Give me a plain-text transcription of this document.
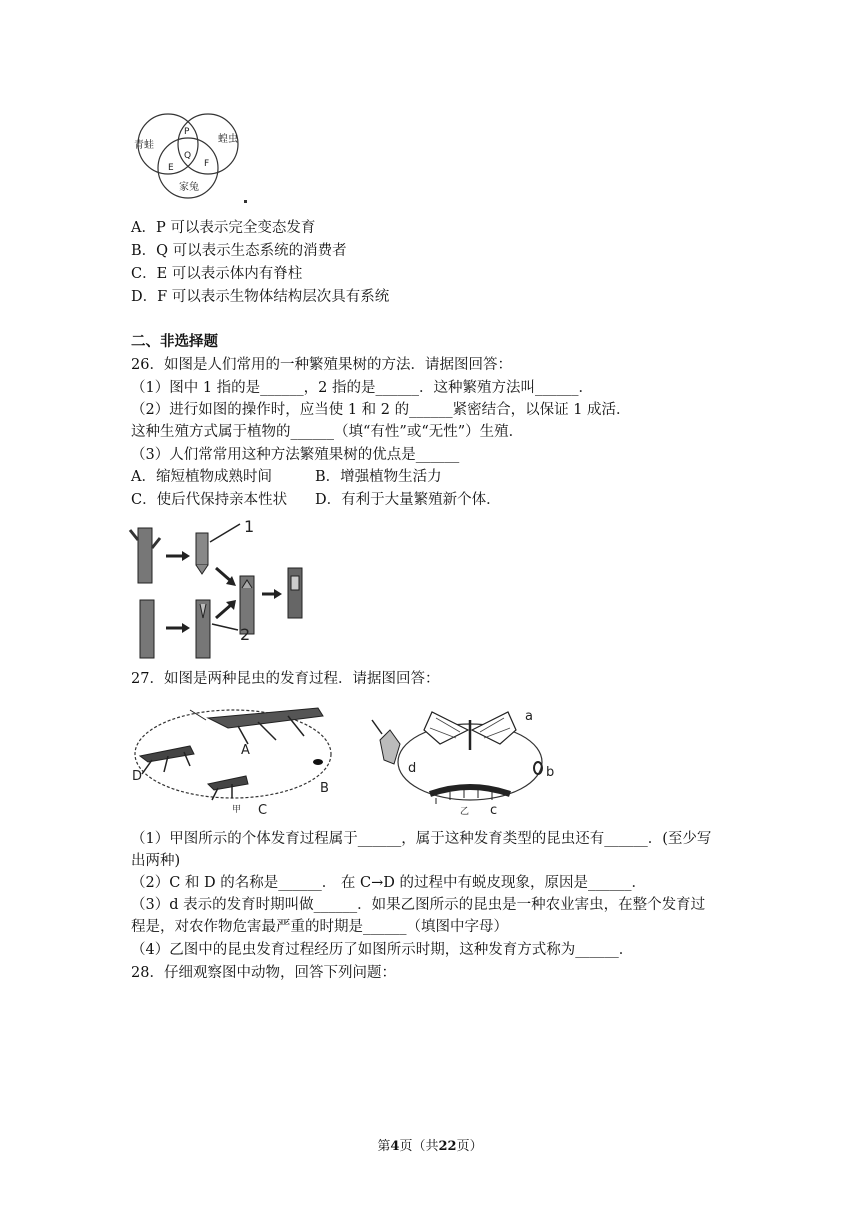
青蛙
蝗虫
家兔
P
Q
E	F
A．P 可以表示完全变态发育
B．Q 可以表示生态系统的消费者
C．E 可以表示体内有脊柱
D．F 可以表示生物体结构层次具有系统
二、非选择题
26．如图是人们常用的一种繁殖果树的方法．请据图回答：
（1）图中 1 指的是______，2 指的是______．这种繁殖方法叫______．
（2）进行如图的操作时，应当使 1 和 2 的______紧密结合，以保证 1 成活．
这种生殖方式属于植物的______（填“有性”或“无性”）生殖．
（3）人们常常用这种方法繁殖果树的优点是______
A．缩短植物成熟时间	B．增强植物生活力
C．使后代保持亲本性状 D．有利于大量繁殖新个体．
1
2
27．如图是两种昆虫的发育过程．请据图回答：
A
D
C
甲
B
a
d	b
乙 c
（1）甲图所示的个体发育过程属于______，属于这种发育类型的昆虫还有______．(至少写
出两种)
（2）C 和 D 的名称是______． 在 C→D 的过程中有蜕皮现象，原因是______．
（3）d 表示的发育时期叫做______．如果乙图所示的昆虫是一种农业害虫，在整个发育过
程是，对农作物危害最严重的时期是______（填图中字母）
（4）乙图中的昆虫发育过程经历了如图所示时期，这种发育方式称为______．
28．仔细观察图中动物，回答下列问题：
第4页（共22页）
